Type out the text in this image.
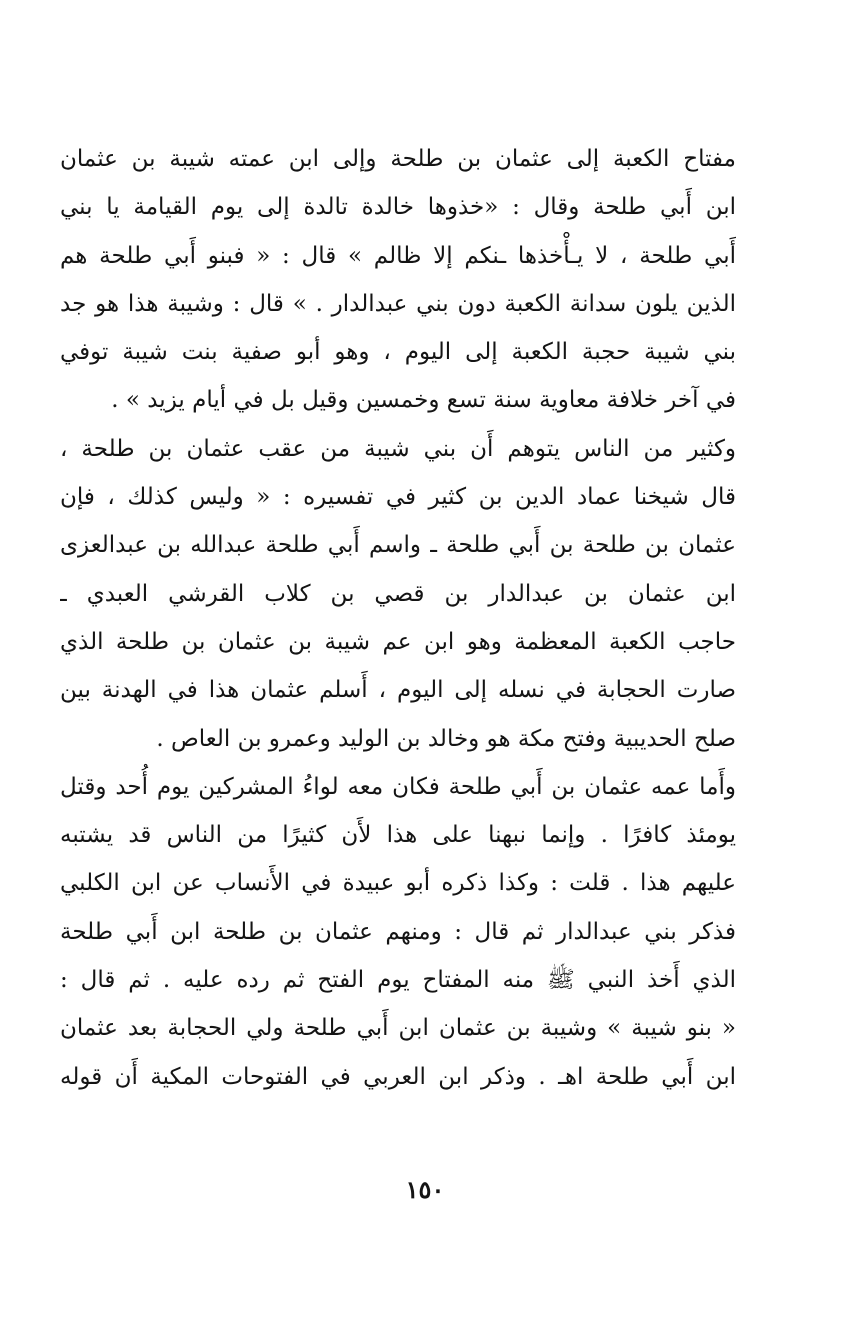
مفتاح الكعبة إلى عثمان بن طلحة وإلى ابن عمته شيبة بن عثمان
ابن أَبي طلحة وقال : «خذوها خالدة تالدة إلى يوم القيامة يا بني
أَبي طلحة ، لا يـأْخذها ـنكم إلا ظالم » قال : « فبنو أَبي طلحة هم
الذين يلون سدانة الكعبة دون بني عبدالدار . » قال : وشيبة هذا هو جد
بني شيبة حجبة الكعبة إلى اليوم ، وهو أبو صفية بنت شيبة توفي
في آخر خلافة معاوية سنة تسع وخمسين وقيل بل في أيام يزيد » .
وكثير من الناس يتوهم أَن بني شيبة من عقب عثمان بن طلحة ،
قال شيخنا عماد الدين بن كثير في تفسيره : « وليس كذلك ، فإن
عثمان بن طلحة بن أَبي طلحة ـ واسم أَبي طلحة عبدالله بن عبدالعزى
ابن عثمان بن عبدالدار بن قصي بن كلاب القرشي العبدي ـ
حاجب الكعبة المعظمة وهو ابن عم شيبة بن عثمان بن طلحة الذي
صارت الحجابة في نسله إلى اليوم ، أَسلم عثمان هذا في الهدنة بين
صلح الحديبية وفتح مكة هو وخالد بن الوليد وعمرو بن العاص .
وأَما عمه عثمان بن أَبي طلحة فكان معه لواءُ المشركين يوم أُحد وقتل
يومئذ كافرًا . وإنما نبهنا على هذا لأَن كثيرًا من الناس قد يشتبه
عليهم هذا . قلت : وكذا ذكره أبو عبيدة في الأَنساب عن ابن الكلبي
فذكر بني عبدالدار ثم قال : ومنهم عثمان بن طلحة ابن أَبي طلحة
الذي أَخذ النبي ﷺ منه المفتاح يوم الفتح ثم رده عليه . ثم قال :
« بنو شيبة » وشيبة بن عثمان ابن أَبي طلحة ولي الحجابة بعد عثمان
ابن أَبي طلحة اهـ . وذكر ابن العربي في الفتوحات المكية أَن قوله
١٥٠
